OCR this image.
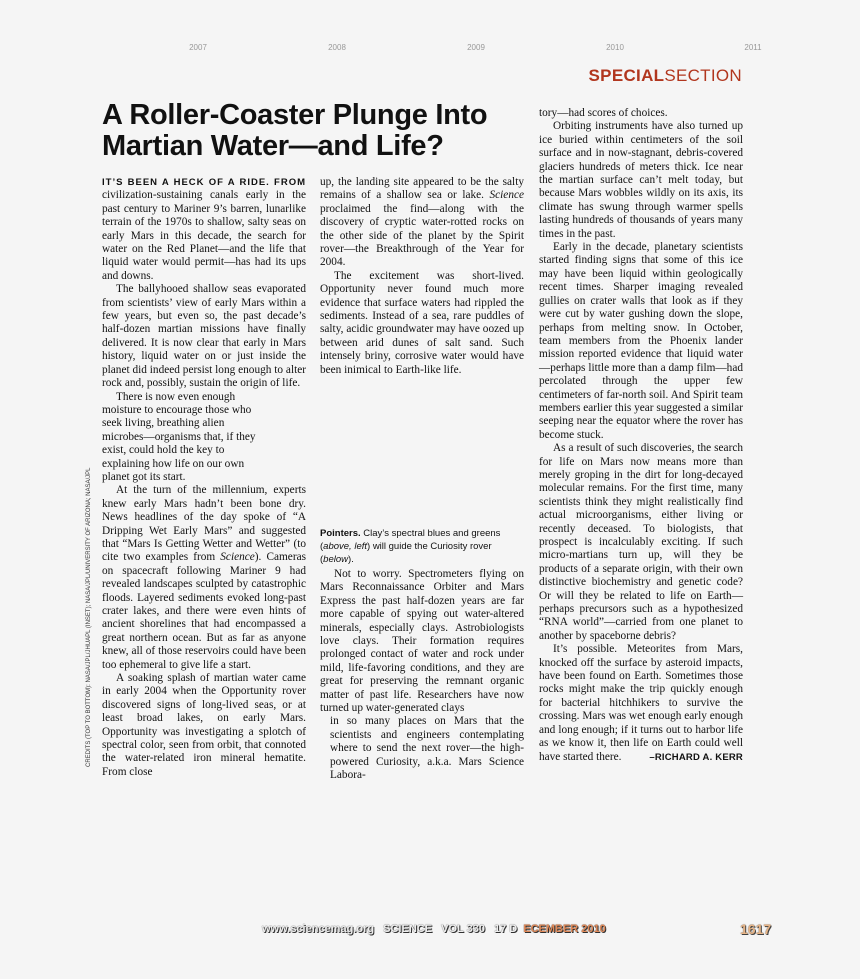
2007	2008	2009	2010	2011
SPECIALSECTION
A Roller-Coaster Plunge Into Martian Water—and Life?

IT’S BEEN A HECK OF A RIDE. FROM civilization-sustaining canals early in the past century to Mariner 9’s barren, lunarlike terrain of the 1970s to shallow, salty seas on early Mars in this decade, the search for water on the Red Planet—and the life that liquid water would permit—has had its ups and downs.

The ballyhooed shallow seas evaporated from scientists’ view of early Mars within a few years, but even so, the past decade’s half-dozen martian missions have finally delivered. It is now clear that early in Mars history, liquid water on or just inside the planet did indeed persist long enough to alter rock and, possibly, sustain the origin of life.
There is now even enough moisture to encourage those who seek living, breathing alien microbes—organisms that, if they exist, could hold the key to explaining how life on our own planet got its start.

At the turn of the millennium, experts knew early Mars hadn’t been bone dry. News headlines of the day spoke of “A Dripping Wet Early Mars” and suggested that “Mars Is Getting Wetter and Wetter” (to cite two examples from Science). Cameras on spacecraft following Mariner 9 had revealed landscapes sculpted by catastrophic floods. Layered sediments evoked long-past crater lakes, and there were even hints of ancient shorelines that had encompassed a great northern ocean. But as far as anyone knew, all of those reservoirs could have been too ephemeral to give life a start.

A soaking splash of martian water came in early 2004 when the Opportunity rover discovered signs of long-lived seas, or at least broad lakes, on early Mars. Opportunity was investigating a splotch of spectral color, seen from orbit, that connoted the water-related iron mineral hematite. From close

up, the landing site appeared to be the salty remains of a shallow sea or lake. Science proclaimed the find—along with the discovery of cryptic water-rotted rocks on the other side of the planet by the Spirit rover—the Breakthrough of the Year for 2004.

The excitement was short-lived. Opportunity never found much more evidence that surface waters had rippled the sediments. Instead of a sea, rare puddles of salty, acidic groundwater may have oozed up between arid dunes of salt sand. Such intensely briny, corrosive water would have been inimical to Earth-like life.

Pointers. Clay’s spectral blues and greens (above, left) will guide the Curiosity rover (below).

Not to worry. Spectrometers flying on Mars Reconnaissance Orbiter and Mars Express the past half-dozen years are far more capable of spying out water-altered minerals, especially clays. Astrobiologists love clays. Their formation requires prolonged contact of water and rock under mild, life-favoring conditions, and they are great for preserving the remnant organic matter of past life. Researchers have now turned up water-generated clays

in so many places on Mars that the scientists and engineers contemplating where to send the next rover—the high-powered Curiosity, a.k.a. Mars Science Labora-

tory—had scores of choices.

Orbiting instruments have also turned up ice buried within centimeters of the soil surface and in now-stagnant, debris-covered glaciers hundreds of meters thick. Ice near the martian surface can’t melt today, but because Mars wobbles wildly on its axis, its climate has swung through warmer spells lasting hundreds of thousands of years many times in the past.

Early in the decade, planetary scientists started finding signs that some of this ice may have been liquid within geologically recent times. Sharper imaging revealed gullies on crater walls that look as if they were cut by water gushing down the slope, perhaps from melting snow. In October, team members from the Phoenix lander mission reported evidence that liquid water—perhaps little more than a damp film—had percolated through the upper few centimeters of far-north soil. And Spirit team members earlier this year suggested a similar seeping near the equator where the rover has become stuck.

As a result of such discoveries, the search for life on Mars now means more than merely groping in the dirt for long-decayed molecular remains. For the first time, many scientists think they might realistically find actual microorganisms, either living or recently deceased. To biologists, that prospect is incalculably exciting. If such micro-martians turn up, will they be products of a separate origin, with their own distinctive biochemistry and genetic code? Or will they be related to life on Earth—perhaps precursors such as a hypothesized “RNA world”—carried from one planet to another by spaceborne debris?

It’s possible. Meteorites from Mars, knocked off the surface by asteroid impacts, have been found on Earth. Sometimes those rocks might make the trip quickly enough for bacterial hitchhikers to survive the crossing. Mars was wet enough early enough and long enough; if it turns out to harbor life as we know it, then life on Earth could well have started there.	–RICHARD A. KERR

CREDITS (TOP TO BOTTOM): NASA/JPL/JHUAPL (INSET); NASA/JPL/UNIVERSITY OF ARIZONA; NASA/JPL
www.sciencemag.org SCIENCE VOL 330 17 D ECEMBER 2010	1617
